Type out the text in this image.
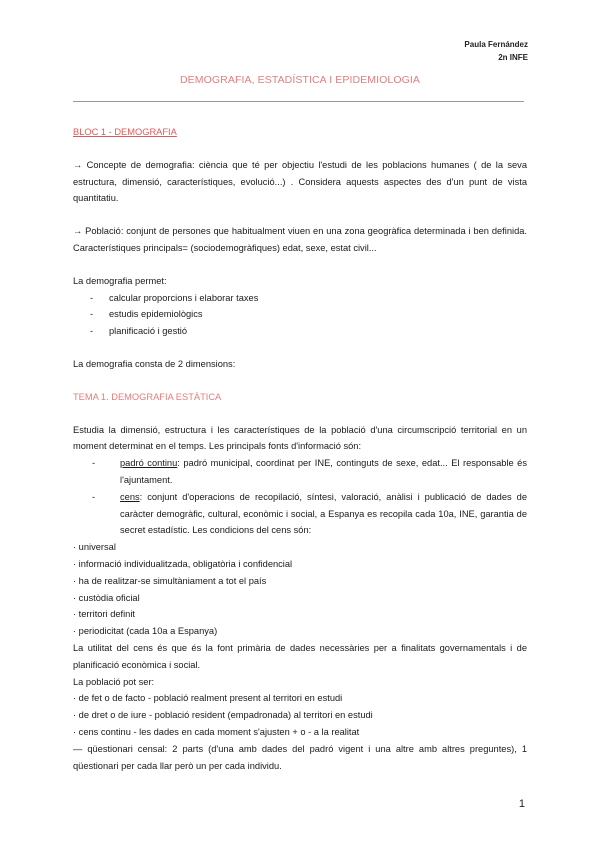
Paula Fernández
2n INFE
DEMOGRAFIA, ESTADÍSTICA I EPIDEMIOLOGIA

BLOC 1 - DEMOGRAFIA

→ Concepte de demografia: ciència que té per objectiu l'estudi de les poblacions humanes ( de la seva estructura, dimensió, característiques, evolució...) . Considera aquests aspectes des d'un punt de vista quantitatiu.

→ Població: conjunt de persones que habitualment viuen en una zona geogràfica determinada i ben definida. Característiques principals= (sociodemogràfiques) edat, sexe, estat civil...

La demografia permet:

- calcular proporcions i elaborar taxes
- estudis epidemiològics
- planificació i gestió

La demografia consta de 2 dimensions:

TEMA 1. DEMOGRAFIA ESTÀTICA

Estudia la dimensió, estructura i les característiques de la població d'una circumscripció territorial en un moment determinat en el temps. Les principals fonts d'informació són:

-	padró continu: padró municipal, coordinat per INE, continguts de sexe, edat... El responsable és l'ajuntament.
-	cens: conjunt d'operacions de recopilació, síntesi, valoració, anàlisi i publicació de dades de caràcter demogràfic, cultural, econòmic i social, a Espanya es recopila cada 10a, INE, garantia de secret estadístic. Les condicions del cens són:

· universal

· informació individualitzada, obligatòria i confidencial

· ha de realitzar-se simultàniament a tot el país

· custòdia oficial

· territori definit

· periodicitat (cada 10a a Espanya)

La utilitat del cens és que és la font primària de dades necessàries per a finalitats governamentals i de planificació econòmica i social.

La població pot ser:

· de fet o de facto - població realment present al territori en estudi

· de dret o de iure - població resident (empadronada) al territori en estudi

· cens continu - les dades en cada moment s'ajusten + o - a la realitat

— qüestionari censal: 2 parts (d'una amb dades del padró vigent i una altre amb altres preguntes), 1 qüestionari per cada llar però un per cada individu.

1
